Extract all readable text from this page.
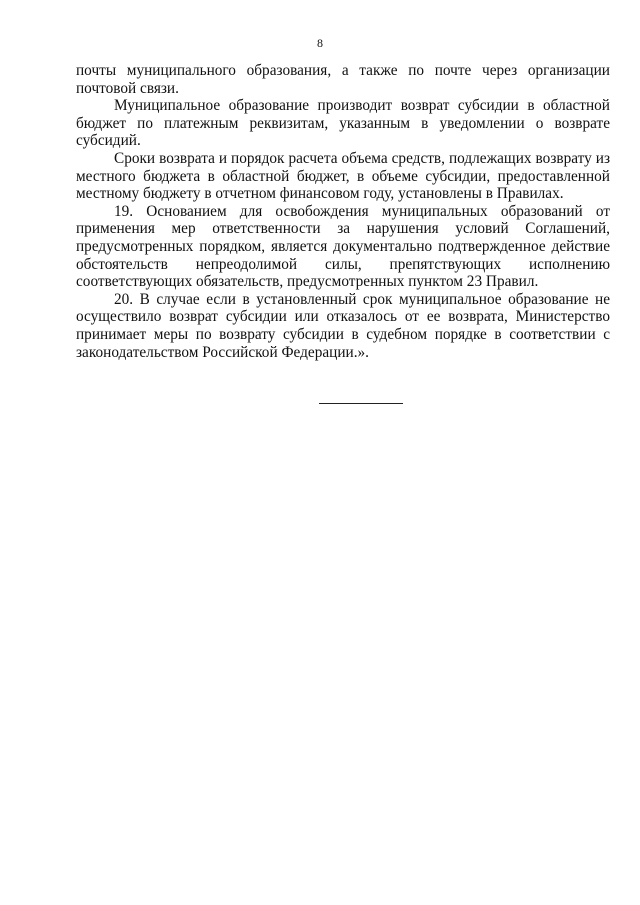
8

почты муниципального образования, а также по почте через организации почтовой связи.

Муниципальное образование производит возврат субсидии в областной бюджет по платежным реквизитам, указанным в уведомлении о возврате субсидий.

Сроки возврата и порядок расчета объема средств, подлежащих возврату из местного бюджета в областной бюджет, в объеме субсидии, предоставленной местному бюджету в отчетном финансовом году, установлены в Правилах.

19. Основанием для освобождения муниципальных образований от применения мер ответственности за нарушения условий Соглашений, предусмотренных порядком, является документально подтвержденное действие обстоятельств непреодолимой силы, препятствующих исполнению соответствующих обязательств, предусмотренных пунктом 23 Правил.

20. В случае если в установленный срок муниципальное образование не осуществило возврат субсидии или отказалось от ее возврата, Министерство принимает меры по возврату субсидии в судебном порядке в соответствии с законодательством Российской Федерации.».
